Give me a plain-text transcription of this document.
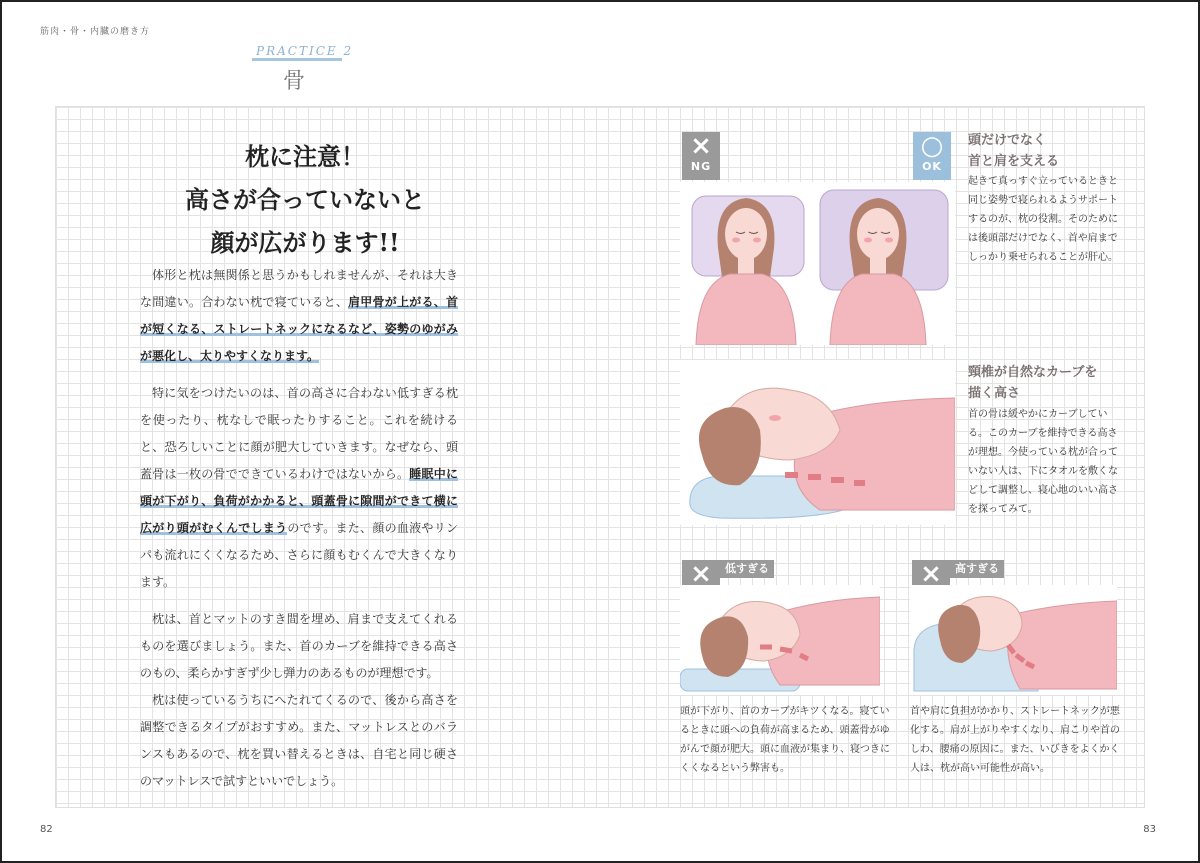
筋肉・骨・内臓の磨き方
PRACTICE 2
骨
枕に注意！
高さが合っていないと
顔が広がります!!

体形と枕は無関係と思うかもしれませんが、それは大きな間違い。合わない枕で寝ていると、肩甲骨が上がる、首が短くなる、ストレートネックになるなど、姿勢のゆがみが悪化し、太りやすくなります。

特に気をつけたいのは、首の高さに合わない低すぎる枕を使ったり、枕なしで眠ったりすること。これを続けると、恐ろしいことに顔が肥大していきます。なぜなら、頭蓋骨は一枚の骨でできているわけではないから。睡眠中に頭が下がり、負荷がかかると、頭蓋骨に隙間ができて横に広がり頭がむくんでしまうのです。また、顔の血液やリンパも流れにくくなるため、さらに顔もむくんで大きくなります。

枕は、首とマットのすき間を埋め、肩まで支えてくれるものを選びましょう。また、首のカーブを維持できる高さのもの、柔らかすぎず少し弾力のあるものが理想です。

枕は使っているうちにへたれてくるので、後から高さを調整できるタイプがおすすめ。また、マットレスとのバランスもあるので、枕を買い替えるときは、自宅と同じ硬さのマットレスで試すといいでしょう。

×
NG
○
OK
頭だけでなく
首と肩を支える
起きて真っすぐ立っているときと同じ姿勢で寝られるようサポートするのが、枕の役割。そのためには後頭部だけでなく、首や肩までしっかり乗せられることが肝心。
頸椎が自然なカーブを
描く高さ
首の骨は緩やかにカーブしている。このカーブを維持できる高さが理想。今使っている枕が合っていない人は、下にタオルを敷くなどして調整し、寝心地のいい高さを探ってみて。
×
NG
低すぎる
頭が下がり、首のカーブがキツくなる。寝ているときに頭への負荷が高まるため、頭蓋骨がゆがんで顔が肥大。頭に血液が集まり、寝つきにくくなるという弊害も。
×
NG
高すぎる
首や肩に負担がかかり、ストレートネックが悪化する。肩が上がりやすくなり、肩こりや首のしわ、腰痛の原因に。また、いびきをよくかく人は、枕が高い可能性が高い。
82	83
